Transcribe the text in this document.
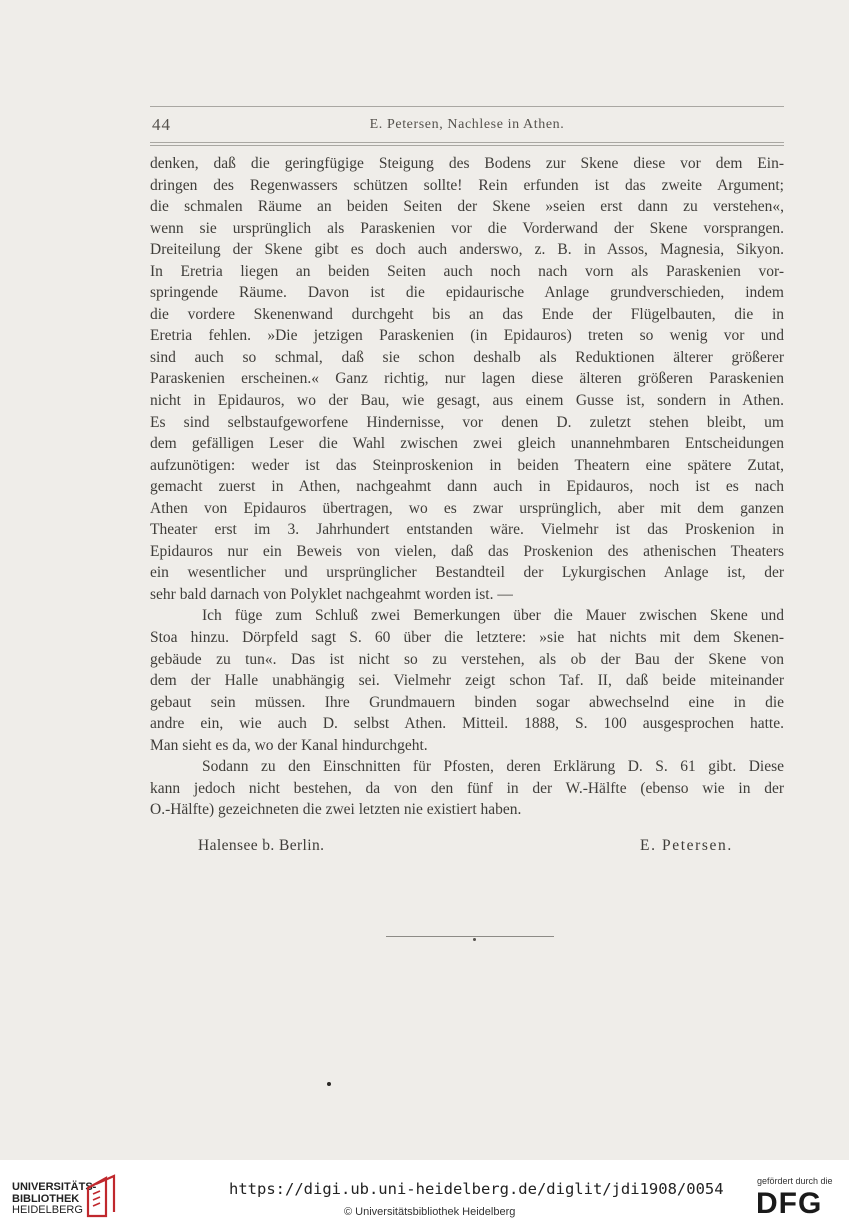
44	E. Petersen, Nachlese in Athen.
denken, daß die geringfügige Steigung des Bodens zur Skene diese vor dem Ein-
dringen des Regenwassers schützen sollte! Rein erfunden ist das zweite Argument;
die schmalen Räume an beiden Seiten der Skene »seien erst dann zu verstehen«,
wenn sie ursprünglich als Paraskenien vor die Vorderwand der Skene vorsprangen.
Dreiteilung der Skene gibt es doch auch anderswo, z. B. in Assos, Magnesia, Sikyon.
In Eretria liegen an beiden Seiten auch noch nach vorn als Paraskenien vor-
springende Räume. Davon ist die epidaurische Anlage grundverschieden, indem
die vordere Skenenwand durchgeht bis an das Ende der Flügelbauten, die in
Eretria fehlen. »Die jetzigen Paraskenien (in Epidauros) treten so wenig vor und
sind auch so schmal, daß sie schon deshalb als Reduktionen älterer größerer
Paraskenien erscheinen.« Ganz richtig, nur lagen diese älteren größeren Paraskenien
nicht in Epidauros, wo der Bau, wie gesagt, aus einem Gusse ist, sondern in Athen.
Es sind selbstaufgeworfene Hindernisse, vor denen D. zuletzt stehen bleibt, um
dem gefälligen Leser die Wahl zwischen zwei gleich unannehmbaren Entscheidungen
aufzunötigen: weder ist das Steinproskenion in beiden Theatern eine spätere Zutat,
gemacht zuerst in Athen, nachgeahmt dann auch in Epidauros, noch ist es nach
Athen von Epidauros übertragen, wo es zwar ursprünglich, aber mit dem ganzen
Theater erst im 3. Jahrhundert entstanden wäre. Vielmehr ist das Proskenion in
Epidauros nur ein Beweis von vielen, daß das Proskenion des athenischen Theaters
ein wesentlicher und ursprünglicher Bestandteil der Lykurgischen Anlage ist, der
sehr bald darnach von Polyklet nachgeahmt worden ist. —
Ich füge zum Schluß zwei Bemerkungen über die Mauer zwischen Skene und
Stoa hinzu. Dörpfeld sagt S. 60 über die letztere: »sie hat nichts mit dem Skenen-
gebäude zu tun«. Das ist nicht so zu verstehen, als ob der Bau der Skene von
dem der Halle unabhängig sei. Vielmehr zeigt schon Taf. II, daß beide miteinander
gebaut sein müssen. Ihre Grundmauern binden sogar abwechselnd eine in die
andre ein, wie auch D. selbst Athen. Mitteil. 1888, S. 100 ausgesprochen hatte.
Man sieht es da, wo der Kanal hindurchgeht.
Sodann zu den Einschnitten für Pfosten, deren Erklärung D. S. 61 gibt. Diese
kann jedoch nicht bestehen, da von den fünf in der W.-Hälfte (ebenso wie in der
O.-Hälfte) gezeichneten die zwei letzten nie existiert haben.
Halensee b. Berlin.	E. Petersen.
UNIVERSITÄTS-
BIBLIOTHEK
HEIDELBERG
https://digi.ub.uni-heidelberg.de/diglit/jdi1908/0054
© Universitätsbibliothek Heidelberg
gefördert durch die
DFG
